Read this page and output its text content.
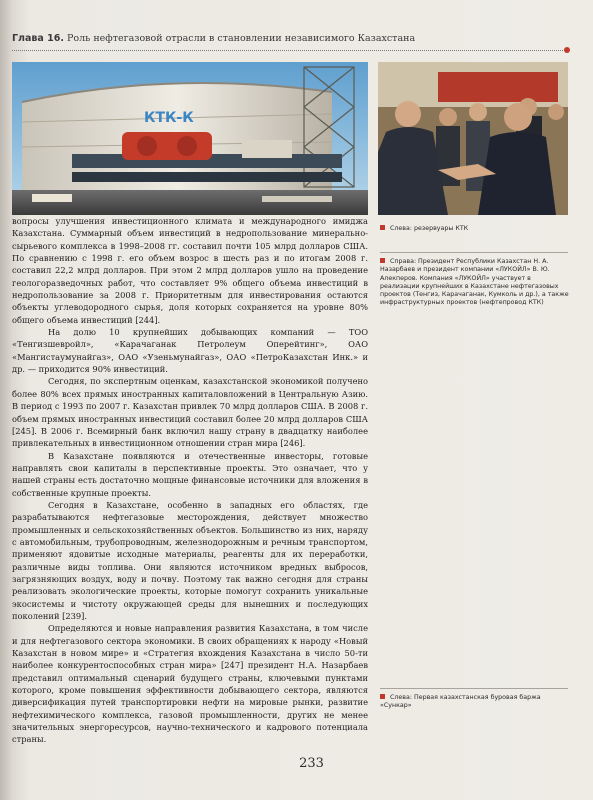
Глава 16. Роль нефтегазовой отрасли в становлении независимого Казахстана
КТК-К

вопросы улучшения инвестиционного климата и международного имиджа Казахстана. Суммарный объем инвестиций в недропользование минерально-сырьевого комплекса в 1998–2008 гг. составил почти 105 млрд долларов США. По сравнению с 1998 г. его объем возрос в шесть раз и по итогам 2008 г. составил 22,2 млрд долларов. При этом 2 млрд долларов ушло на проведение геологоразведочных работ, что составляет 9% общего объема инвестиций в недропользование за 2008 г. Приоритетным для инвестирования остаются объекты углеводородного сырья, доля которых сохраняется на уровне 80% общего объема инвестиций [244].

На долю 10 крупнейших добывающих компаний — ТОО «Тенгизшевройл», «Карачаганак Петролеум Оперейтинг», ОАО «Мангистаумунайгаз», ОАО «Узеньмунайгаз», ОАО «ПетроКазахстан Инк.» и др. — приходится 90% инвестиций.

Сегодня, по экспертным оценкам, казахстанской экономикой получено более 80% всех прямых иностранных капиталовложений в Центральную Азию. В период с 1993 по 2007 г. Казахстан привлек 70 млрд долларов США. В 2008 г. объем прямых иностранных инвестиций составил более 20 млрд долларов США [245]. В 2006 г. Всемирный банк включил нашу страну в двадцатку наиболее привлекательных в инвестиционном отношении стран мира [246].

В Казахстане появляются и отечественные инвесторы, готовые направлять свои капиталы в перспективные проекты. Это означает, что у нашей страны есть достаточно мощные финансовые источники для вложения в собственные крупные проекты.

Сегодня в Казахстане, особенно в западных его областях, где разрабатываются нефтегазовые месторождения, действует множество промышленных и сельскохозяйственных объектов. Большинство из них, наряду с автомобильным, трубопроводным, железнодорожным и речным транспортом, применяют ядовитые исходные материалы, реагенты для их переработки, различные виды топлива. Они являются источником вредных выбросов, загрязняющих воздух, воду и почву. Поэтому так важно сегодня для страны реализовать экологические проекты, которые помогут сохранить уникальные экосистемы и чистоту окружающей среды для нынешних и последующих поколений [239].

Определяются и новые направления развития Казахстана, в том числе и для нефтегазового сектора экономики. В своих обращениях к народу «Новый Казахстан в новом мире» и «Стратегия вхождения Казахстана в число 50-ти наиболее конкурентоспособных стран мира» [247] президент Н.А. Назарбаев представил оптимальный сценарий будущего страны, ключевыми пунктами которого, кроме повышения эффективности добывающего сектора, являются диверсификация путей транспортировки нефти на мировые рынки, развитие нефтехимического комплекса, газовой промышленности, других не менее значительных энергоресурсов, научно-технического и кадрового потенциала страны.

Слева: резервуары КТК
Справа: Президент Республики Казахстан Н. А. Назарбаев и президент компании «ЛУКОЙЛ» В. Ю. Алекперов. Компания «ЛУКОЙЛ» участвует в реализации крупнейших в Казахстане нефтегазовых проектов (Тенгиз, Карачаганак, Кумколь и др.), а также инфраструктурных проектов (нефтепровод КТК)
Слева: Первая казахстанская буровая баржа «Сункар»
233
